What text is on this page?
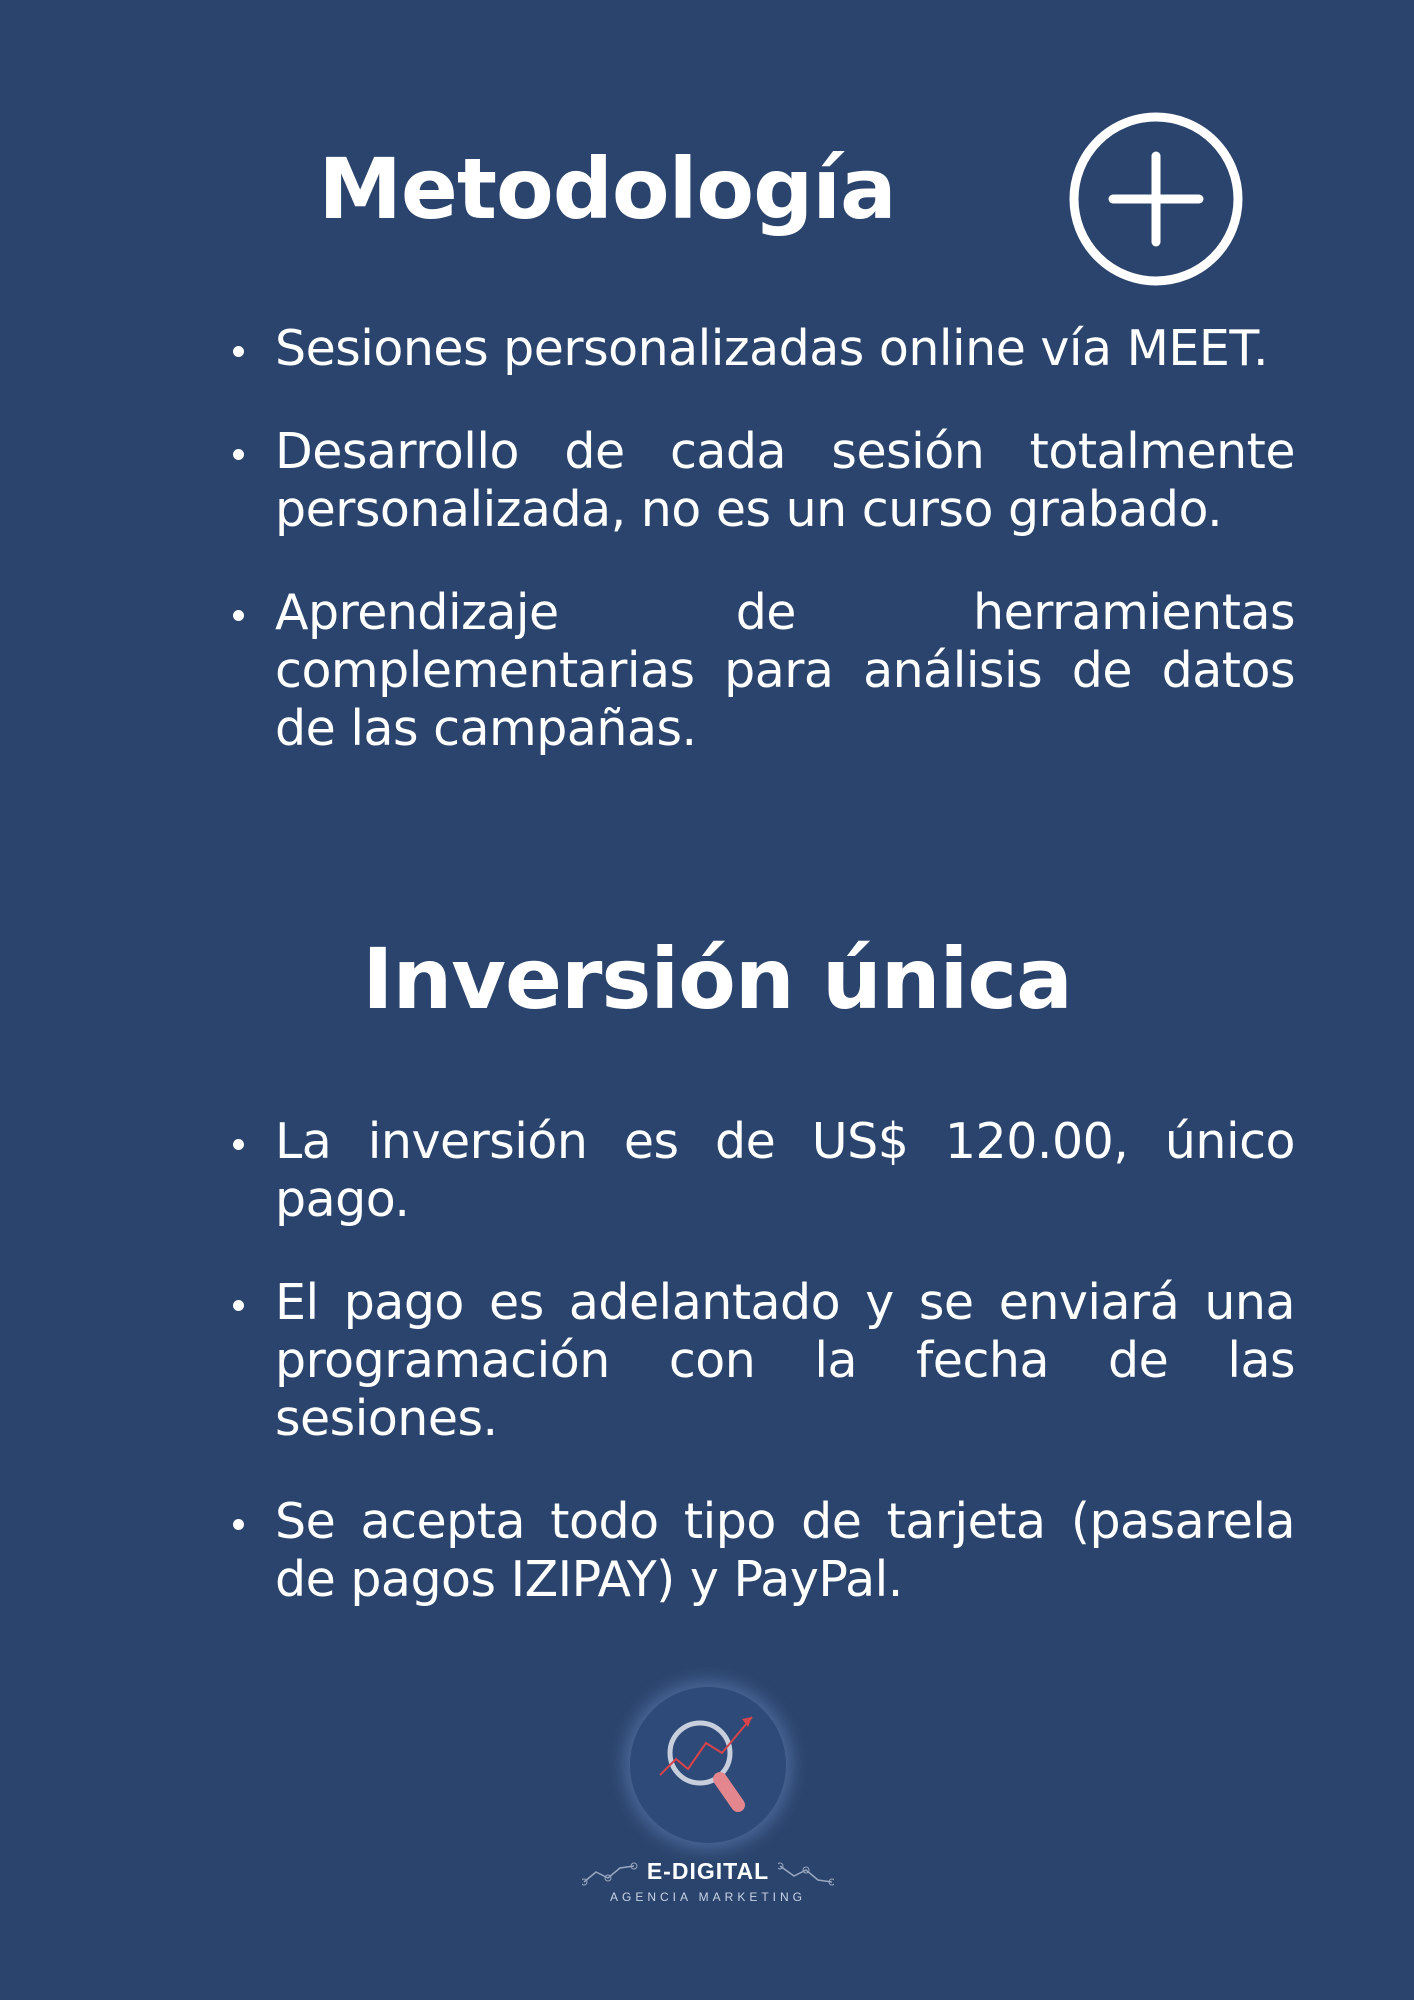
Metodología
Sesiones personalizadas online vía MEET.
Desarrollo de cada sesión totalmente personalizada, no es un curso grabado.
Aprendizaje de herramientas complementarias para análisis de datos de las campañas.
Inversión única
La inversión es de US$ 120.00, único pago.
El pago es adelantado y se enviará una programación con la fecha de las sesiones.
Se acepta todo tipo de tarjeta (pasarela de pagos IZIPAY) y PayPal.
E-DIGITAL
AGENCIA MARKETING
